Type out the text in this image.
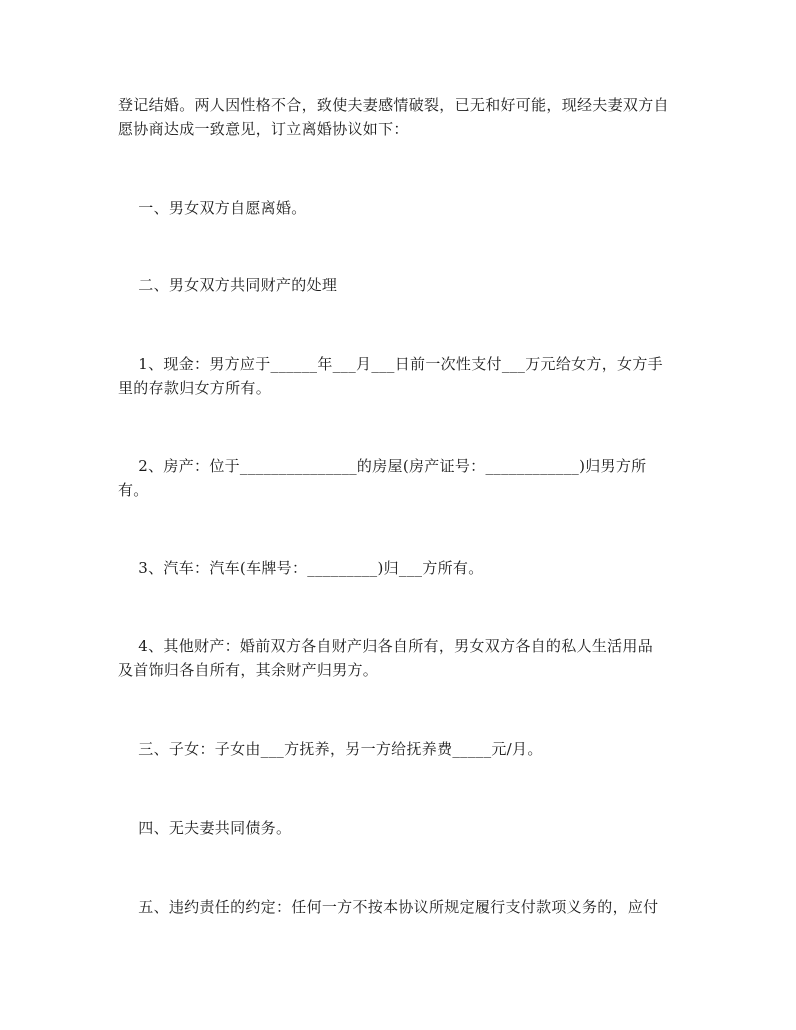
登记结婚。两人因性格不合，致使夫妻感情破裂，已无和好可能，现经夫妻双方自
愿协商达成一致意见，订立离婚协议如下：

一、男女双方自愿离婚。

二、男女双方共同财产的处理

1、现金：男方应于______年___月___日前一次性支付___万元给女方，女方手
里的存款归女方所有。

2、房产：位于_______________的房屋(房产证号：____________)归男方所
有。

3、汽车：汽车(车牌号：_________)归___方所有。

4、其他财产：婚前双方各自财产归各自所有，男女双方各自的私人生活用品
及首饰归各自所有，其余财产归男方。

三、子女：子女由___方抚养，另一方给抚养费_____元/月。

四、无夫妻共同债务。

五、违约责任的约定：任何一方不按本协议所规定履行支付款项义务的，应付
